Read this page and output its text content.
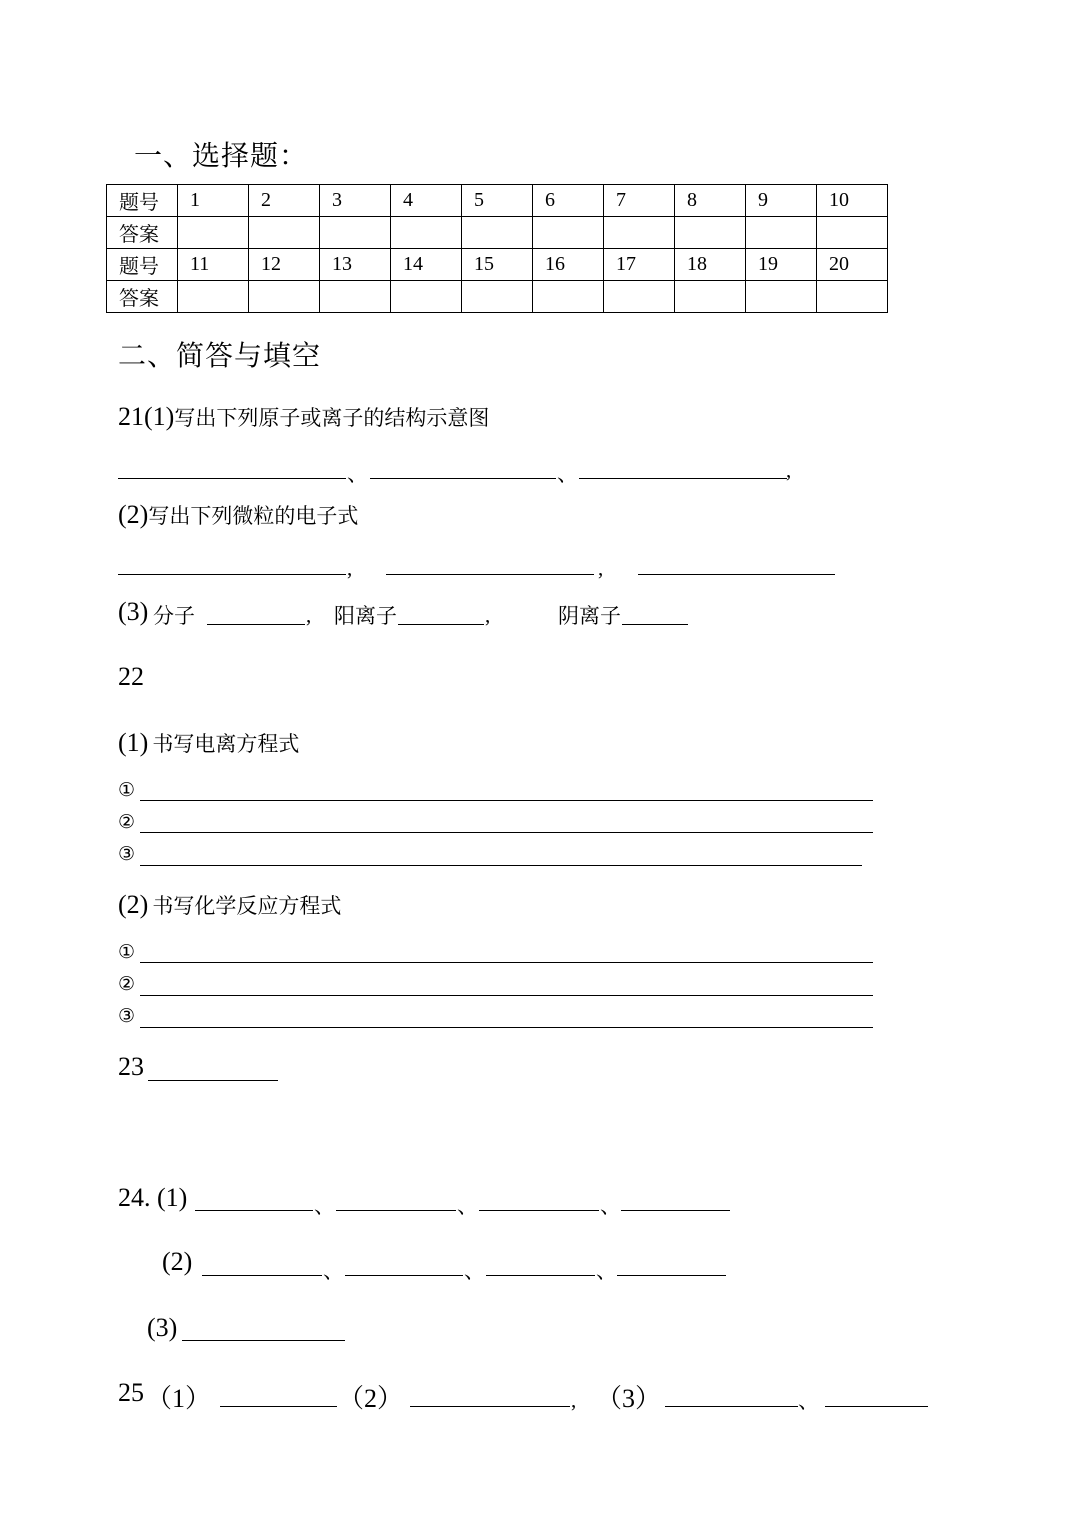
一、选择题：
题号	1	2	3	4	5	6	7	8	9	10
答案										
题号	11	12	13	14	15	16	17	18	19	20
答案										
二、简答与填空
21(1)写出下列原子或离子的结构示意图
、	、	,
(2)写出下列微粒的电子式
,	,
(3) 分子	, 阳离子	,	阴离子
22
(1) 书写电离方程式
①
②
③
(2) 书写化学反应方程式
①
②
③
23
24. (1)	、	、	、
(2)	、	、	、
(3)
25 （1）	（2）	, （3）	、
